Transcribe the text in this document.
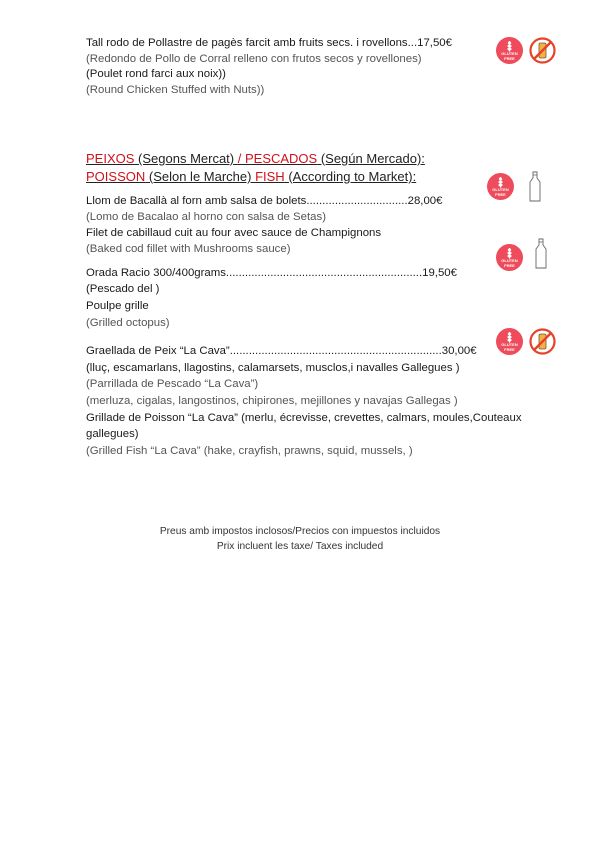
Tall rodo de Pollastre de pagès farcit amb fruits secs. i rovellons...17,50€
(Redondo de Pollo de Corral relleno con frutos secos y rovellones)
(Poulet rond farci aux noix))
(Round Chicken Stuffed with Nuts))
GLUTEN
FREE
PEIXOS (Segons Mercat) / PESCADOS (Según Mercado):
POISSON (Selon le Marche) FISH (According to Market):
GLUTEN
FREE
Llom de Bacallà al forn amb salsa de bolets................................28,00€
(Lomo de Bacalao al horno con salsa de Setas)
Filet de cabillaud cuit au four avec sauce de Champignons
(Baked cod fillet with Mushrooms sauce)
GLUTEN
FREE
Orada Racio 300/400grams..............................................................19,50€
(Pescado del )
Poulpe grille
(Grilled octopus)
GLUTEN
FREE
Graellada de Peix “La Cava”...................................................................30,00€
(lluç, escamarlans, llagostins, calamarsets, musclos,i navalles Gallegues )
(Parrillada de Pescado “La Cava”)
(merluza, cigalas, langostinos, chipirones, mejillones y navajas Gallegas )
Grillade de Poisson “La Cava” (merlu, écrevisse, crevettes, calmars, moules,Couteaux
gallegues)
(Grilled Fish “La Cava” (hake, crayfish, prawns, squid, mussels, )
Preus amb impostos inclosos/Precios con impuestos incluidos
Prix incluent les taxe/ Taxes included
